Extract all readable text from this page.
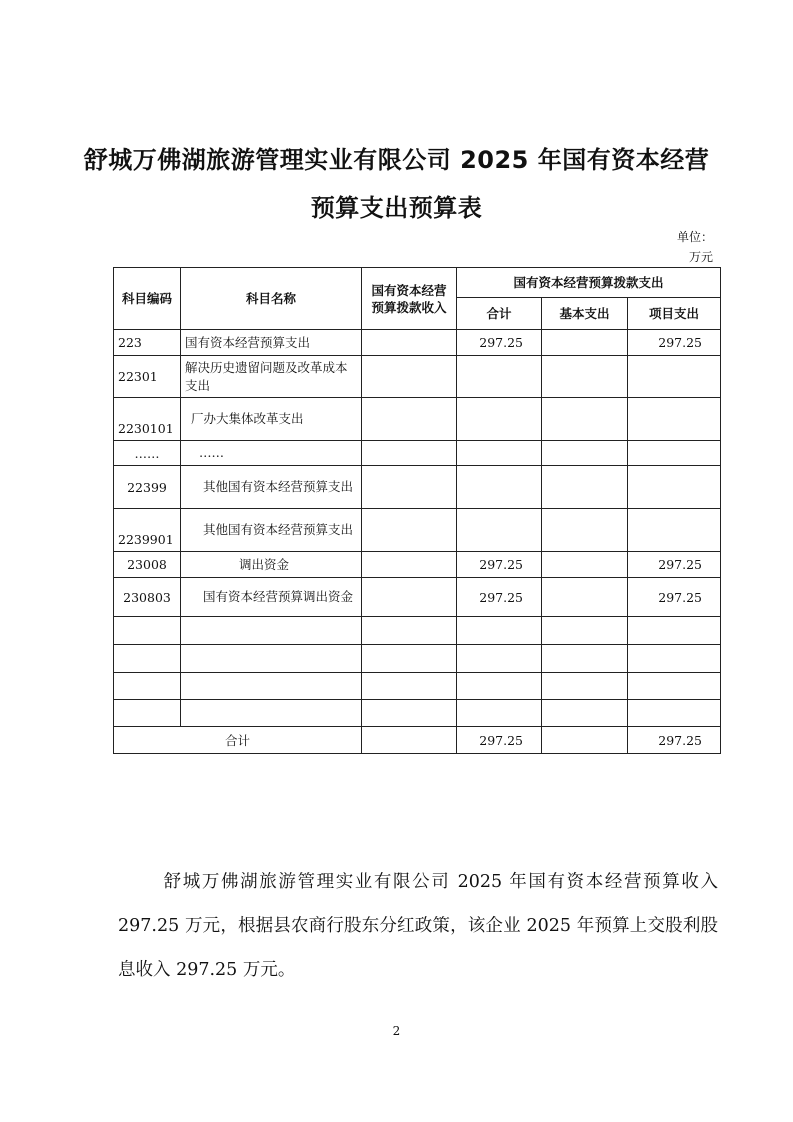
舒城万佛湖旅游管理实业有限公司 2025 年国有资本经营
预算支出预算表
单位：
万元
科目编码	科目名称	国有资本经营预算拨款收入	国有资本经营预算拨款支出		
			合计	基本支出	项目支出
223	国有资本经营预算支出		297.25		297.25
22301	解决历史遗留问题及改革成本支出				
2230101	厂办大集体改革支出				
……	……				
22399	其他国有资本经营预算支出				
2239901	其他国有资本经营预算支出				
23008	调出资金		297.25		297.25
230803	国有资本经营预算调出资金		297.25		297.25

合计			297.25		297.25
舒城万佛湖旅游管理实业有限公司 2025 年国有资本经营预算收入 297.25 万元，根据县农商行股东分红政策，该企业 2025 年预算上交股利股息收入 297.25 万元。
2
